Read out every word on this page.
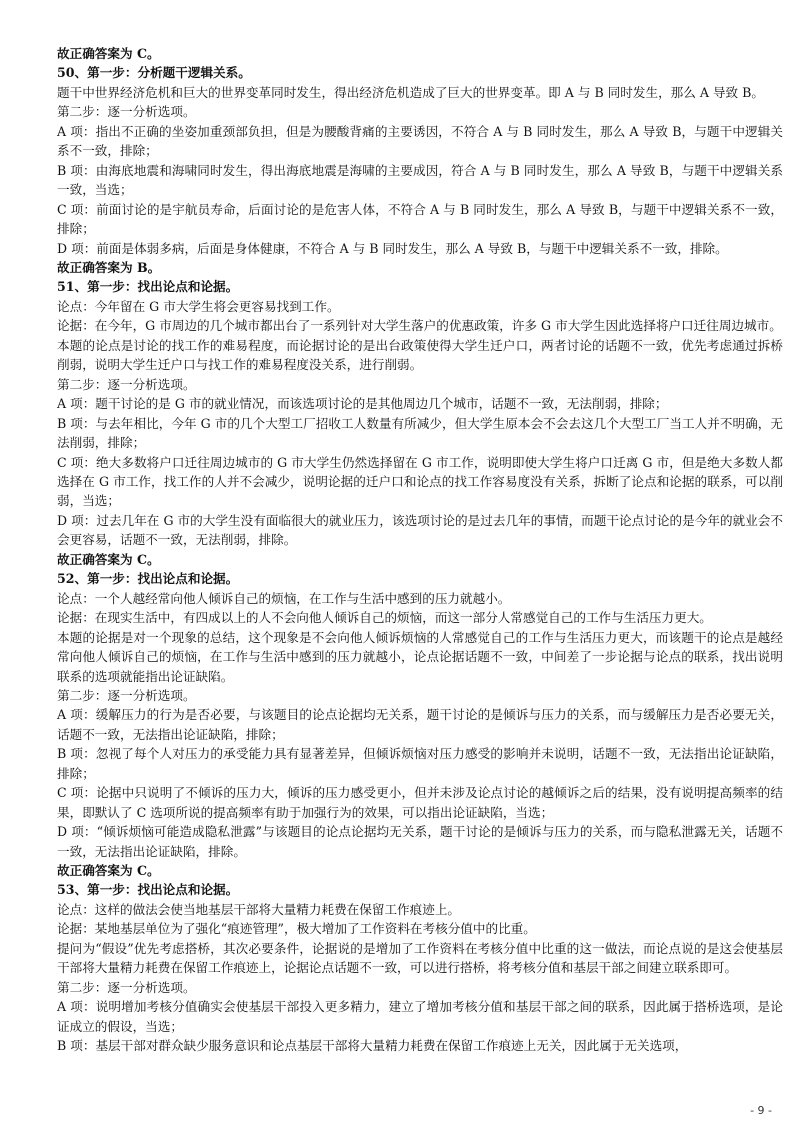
故正确答案为 C。

50、第一步：分析题干逻辑关系。

题干中世界经济危机和巨大的世界变革同时发生，得出经济危机造成了巨大的世界变革。即 A 与 B 同时发生，那么 A 导致 B。

第二步：逐一分析选项。

A 项：指出不正确的坐姿加重颈部负担，但是为腰酸背痛的主要诱因，不符合 A 与 B 同时发生，那么 A 导致 B，与题干中逻辑关系不一致，排除；

B 项：由海底地震和海啸同时发生，得出海底地震是海啸的主要成因，符合 A 与 B 同时发生，那么 A 导致 B，与题干中逻辑关系一致，当选；

C 项：前面讨论的是宇航员寿命，后面讨论的是危害人体，不符合 A 与 B 同时发生，那么 A 导致 B，与题干中逻辑关系不一致，排除；

D 项：前面是体弱多病，后面是身体健康，不符合 A 与 B 同时发生，那么 A 导致 B，与题干中逻辑关系不一致，排除。

故正确答案为 B。

51、第一步：找出论点和论据。

论点：今年留在 G 市大学生将会更容易找到工作。

论据：在今年，G 市周边的几个城市都出台了一系列针对大学生落户的优惠政策，许多 G 市大学生因此选择将户口迁往周边城市。

本题的论点是讨论的找工作的难易程度，而论据讨论的是出台政策使得大学生迁户口，两者讨论的话题不一致，优先考虑通过拆桥削弱，说明大学生迁户口与找工作的难易程度没关系，进行削弱。

第二步：逐一分析选项。

A 项：题干讨论的是 G 市的就业情况，而该选项讨论的是其他周边几个城市，话题不一致，无法削弱，排除；

B 项：与去年相比，今年 G 市的几个大型工厂招收工人数量有所减少，但大学生原本会不会去这几个大型工厂当工人并不明确，无法削弱，排除；

C 项：绝大多数将户口迁往周边城市的 G 市大学生仍然选择留在 G 市工作，说明即使大学生将户口迁离 G 市，但是绝大多数人都选择在 G 市工作，找工作的人并不会减少，说明论据的迁户口和论点的找工作容易度没有关系，拆断了论点和论据的联系，可以削弱，当选；

D 项：过去几年在 G 市的大学生没有面临很大的就业压力，该选项讨论的是过去几年的事情，而题干论点讨论的是今年的就业会不会更容易，话题不一致，无法削弱，排除。

故正确答案为 C。

52、第一步：找出论点和论据。

论点：一个人越经常向他人倾诉自己的烦恼，在工作与生活中感到的压力就越小。

论据：在现实生活中，有四成以上的人不会向他人倾诉自己的烦恼，而这一部分人常感觉自己的工作与生活压力更大。

本题的论据是对一个现象的总结，这个现象是不会向他人倾诉烦恼的人常感觉自己的工作与生活压力更大，而该题干的论点是越经常向他人倾诉自己的烦恼，在工作与生活中感到的压力就越小，论点论据话题不一致，中间差了一步论据与论点的联系，找出说明联系的选项就能指出论证缺陷。

第二步：逐一分析选项。

A 项：缓解压力的行为是否必要，与该题目的论点论据均无关系，题干讨论的是倾诉与压力的关系，而与缓解压力是否必要无关，话题不一致，无法指出论证缺陷，排除；

B 项：忽视了每个人对压力的承受能力具有显著差异，但倾诉烦恼对压力感受的影响并未说明，话题不一致，无法指出论证缺陷，排除；

C 项：论据中只说明了不倾诉的压力大，倾诉的压力感受更小，但并未涉及论点讨论的越倾诉之后的结果，没有说明提高频率的结果，即默认了 C 选项所说的提高频率有助于加强行为的效果，可以指出论证缺陷，当选；

D 项：“倾诉烦恼可能造成隐私泄露”与该题目的论点论据均无关系，题干讨论的是倾诉与压力的关系，而与隐私泄露无关，话题不一致，无法指出论证缺陷，排除。

故正确答案为 C。

53、第一步：找出论点和论据。

论点：这样的做法会使当地基层干部将大量精力耗费在保留工作痕迹上。

论据：某地基层单位为了强化“痕迹管理”，极大增加了工作资料在考核分值中的比重。

提问为“假设”优先考虑搭桥，其次必要条件，论据说的是增加了工作资料在考核分值中比重的这一做法，而论点说的是这会使基层干部将大量精力耗费在保留工作痕迹上，论据论点话题不一致，可以进行搭桥，将考核分值和基层干部之间建立联系即可。

第二步：逐一分析选项。

A 项：说明增加考核分值确实会使基层干部投入更多精力，建立了增加考核分值和基层干部之间的联系，因此属于搭桥选项，是论证成立的假设，当选；

B 项：基层干部对群众缺少服务意识和论点基层干部将大量精力耗费在保留工作痕迹上无关，因此属于无关选项，

- 9 -
